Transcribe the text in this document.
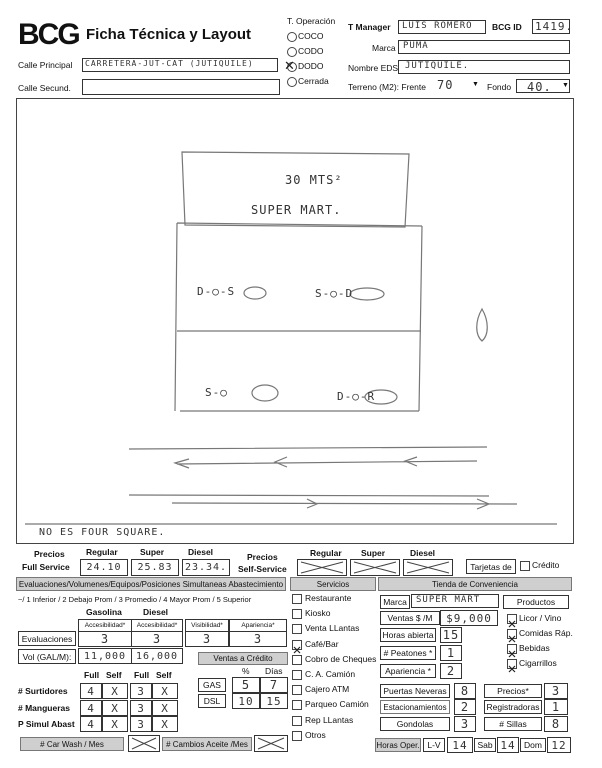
BCG Ficha Técnica y Layout
T. Operación
COCO
CODO
✕ DODO
Cerrada
T Manager	LUIS ROMERO	BCG ID 1419.
Marca PUMA
Nombre EDS JUTIQUILE.
Calle Principal	CARRETERA-JUT-CAT (JUTIQUILE)
Calle Secund.	Terreno (M2): Frente 70	▼ Fondo	40.	▼
30 MTS²
SUPER MART.
D-○-S	S-○-D
S-○	D-○-R
NO ES FOUR SQUARE.
Precios
Full Service
Regular	Super	Diesel
24.10	25.83	23.34.
Precios
Self-Service
Regular Super	Diesel
Tarjetas de	Crédito
Evaluaciones/Volumenes/Equipos/Posiciones Simultaneas Abastecimiento	Servicios	Tienda de Conveniencia
~/ 1 Inferior / 2 Debajo Prom / 3 Promedio / 4 Mayor Prom / 5 Superior
Gasolina Diesel
Accesibilidad*	Accesibilidad*	Visibilidad*	Apariencia*
Evaluaciones	3	3	3	3
Vol (GAL/M):	11,000 16,000	Ventas a Crédito
% Días
GAS	5	7
DSL	10	15
Full Self Full Self
# Surtidores	4	X	3	X
# Mangueras	4	X	3	X
P Simul Abast	4	X	3	X
# Car Wash / Mes	# Cambios Aceite /Mes
Restaurante
Kiosko
Venta LLantas
Café/Bar
Cobro de Cheques
C. A. Camión
Cajero ATM
Parqueo Camión
Rep LLantas
Otros
Marca	SUPER MART	Productos
Ventas $ /M	$9,000
Horas abierta 15
# Peatones *	1
Apariencia *	2
Licor / Vino
Comidas Ráp.
Bebidas
Cigarrillos
Puertas Neveras	8	Precios*	3
Estacionamientos	2	Registradoras	1
Gondolas	3	# Sillas	8
Horas Oper. L-V	14	Sab 14 Dom 12
